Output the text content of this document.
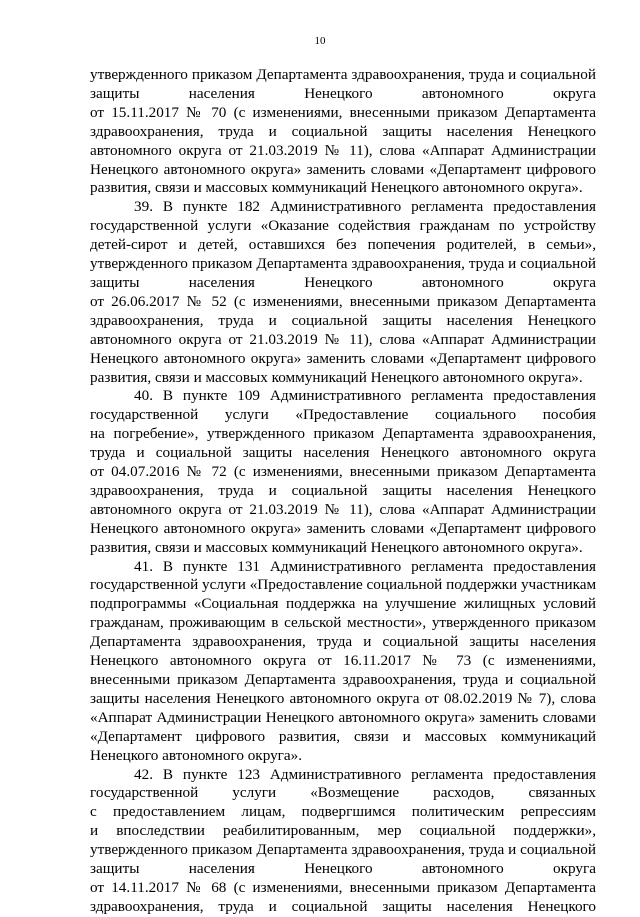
10
утвержденного приказом Департамента здравоохранения, труда и социальной
защиты населения Ненецкого автономного округа
от 15.11.2017 № 70 (с изменениями, внесенными приказом Департамента
здравоохранения, труда и социальной защиты населения Ненецкого
автономного округа от 21.03.2019 № 11), слова «Аппарат Администрации
Ненецкого автономного округа» заменить словами «Департамент цифрового
развития, связи и массовых коммуникаций Ненецкого автономного округа».
39. В пункте 182 Административного регламента предоставления
государственной услуги «Оказание содействия гражданам по устройству
детей-сирот и детей, оставшихся без попечения родителей, в семьи»,
утвержденного приказом Департамента здравоохранения, труда и социальной
защиты населения Ненецкого автономного округа
от 26.06.2017 № 52 (с изменениями, внесенными приказом Департамента
здравоохранения, труда и социальной защиты населения Ненецкого
автономного округа от 21.03.2019 № 11), слова «Аппарат Администрации
Ненецкого автономного округа» заменить словами «Департамент цифрового
развития, связи и массовых коммуникаций Ненецкого автономного округа».
40. В пункте 109 Административного регламента предоставления
государственной услуги «Предоставление социального пособия
на погребение», утвержденного приказом Департамента здравоохранения,
труда и социальной защиты населения Ненецкого автономного округа
от 04.07.2016 № 72 (с изменениями, внесенными приказом Департамента
здравоохранения, труда и социальной защиты населения Ненецкого
автономного округа от 21.03.2019 № 11), слова «Аппарат Администрации
Ненецкого автономного округа» заменить словами «Департамент цифрового
развития, связи и массовых коммуникаций Ненецкого автономного округа».
41. В пункте 131 Административного регламента предоставления
государственной услуги «Предоставление социальной поддержки участникам
подпрограммы «Социальная поддержка на улучшение жилищных условий
гражданам, проживающим в сельской местности», утвержденного приказом
Департамента здравоохранения, труда и социальной защиты населения
Ненецкого автономного округа от 16.11.2017 № 73 (с изменениями,
внесенными приказом Департамента здравоохранения, труда и социальной
защиты населения Ненецкого автономного округа от 08.02.2019 № 7), слова
«Аппарат Администрации Ненецкого автономного округа» заменить словами
«Департамент цифрового развития, связи и массовых коммуникаций
Ненецкого автономного округа».
42. В пункте 123 Административного регламента предоставления
государственной услуги «Возмещение расходов, связанных
с предоставлением лицам, подвергшимся политическим репрессиям
и впоследствии реабилитированным, мер социальной поддержки»,
утвержденного приказом Департамента здравоохранения, труда и социальной
защиты населения Ненецкого автономного округа
от 14.11.2017 № 68 (с изменениями, внесенными приказом Департамента
здравоохранения, труда и социальной защиты населения Ненецкого
